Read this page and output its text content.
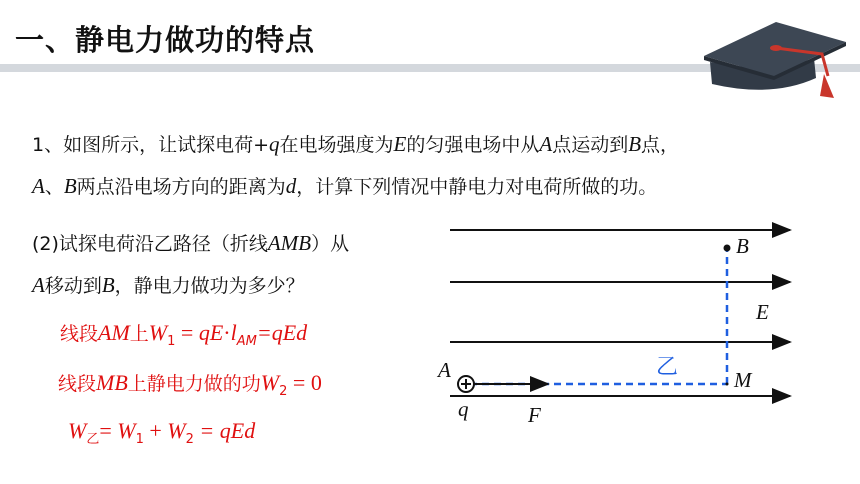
一、静电力做功的特点
1、如图所示，让试探电荷+q在电场强度为E的匀强电场中从A点运动到B点，
A、B两点沿电场方向的距离为d，计算下列情况中静电力对电荷所做的功。
(2)试探电荷沿乙路径（折线AMB）从
A移动到B，静电力做功为多少？
线段AM上$W_1 = qE\cdot l_{AM}=qEd$
线段MB上静电力做的功$W_2 = 0$
$W_乙= W_1 + W_2$ = qEd
A
B
M
E
q	F
乙
